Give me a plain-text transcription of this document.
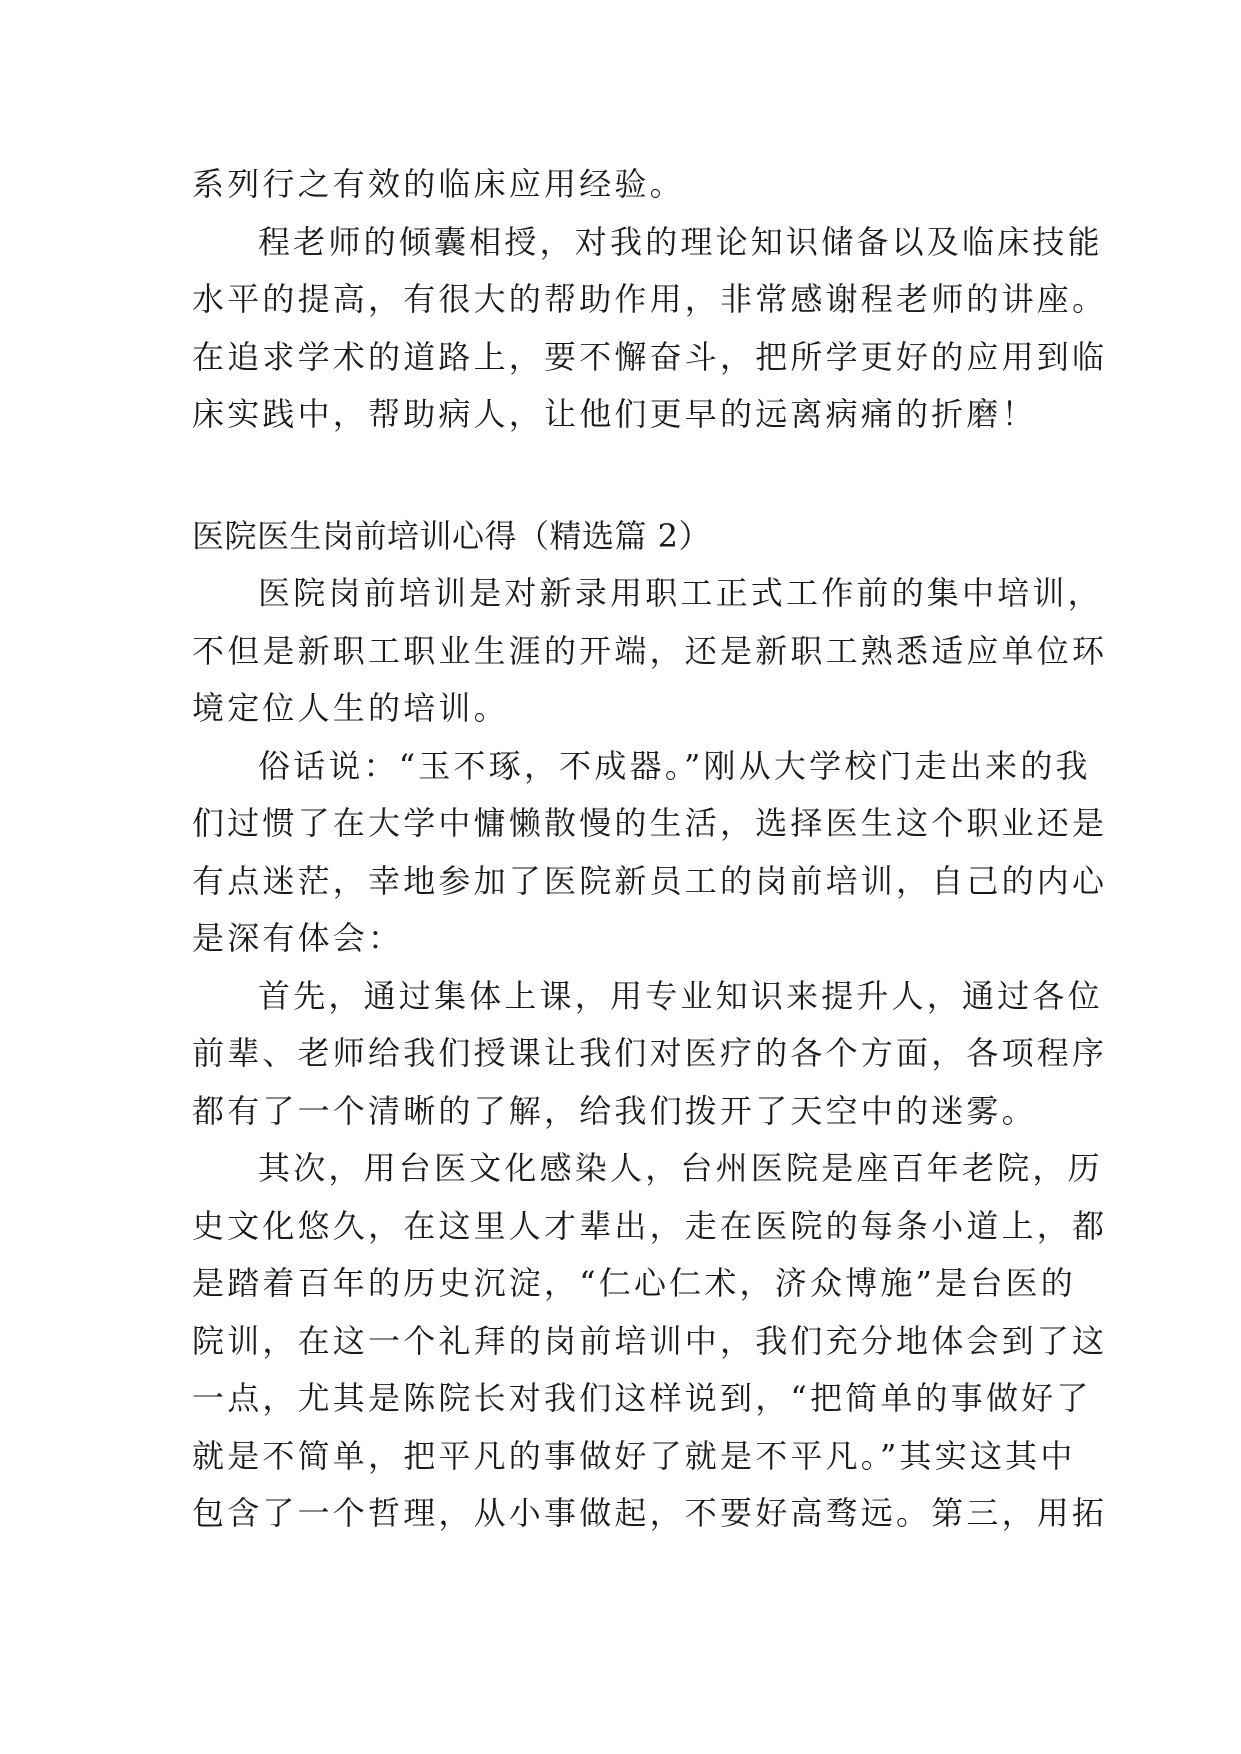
系列行之有效的临床应用经验。
程老师的倾囊相授，对我的理论知识储备以及临床技能
水平的提高，有很大的帮助作用，非常感谢程老师的讲座。
在追求学术的道路上，要不懈奋斗，把所学更好的应用到临
床实践中，帮助病人，让他们更早的远离病痛的折磨！
医院医生岗前培训心得（精选篇 2）
医院岗前培训是对新录用职工正式工作前的集中培训，
不但是新职工职业生涯的开端，还是新职工熟悉适应单位环
境定位人生的培训。
俗话说：“玉不琢，不成器。”刚从大学校门走出来的我
们过惯了在大学中慵懒散慢的生活，选择医生这个职业还是
有点迷茫，幸地参加了医院新员工的岗前培训，自己的内心
是深有体会：
首先，通过集体上课，用专业知识来提升人，通过各位
前辈、老师给我们授课让我们对医疗的各个方面，各项程序
都有了一个清晰的了解，给我们拨开了天空中的迷雾。
其次，用台医文化感染人，台州医院是座百年老院，历
史文化悠久，在这里人才辈出，走在医院的每条小道上，都
是踏着百年的历史沉淀，“仁心仁术，济众博施”是台医的
院训，在这一个礼拜的岗前培训中，我们充分地体会到了这
一点，尤其是陈院长对我们这样说到，“把简单的事做好了
就是不简单，把平凡的事做好了就是不平凡。”其实这其中
包含了一个哲理，从小事做起，不要好高骛远。第三，用拓
